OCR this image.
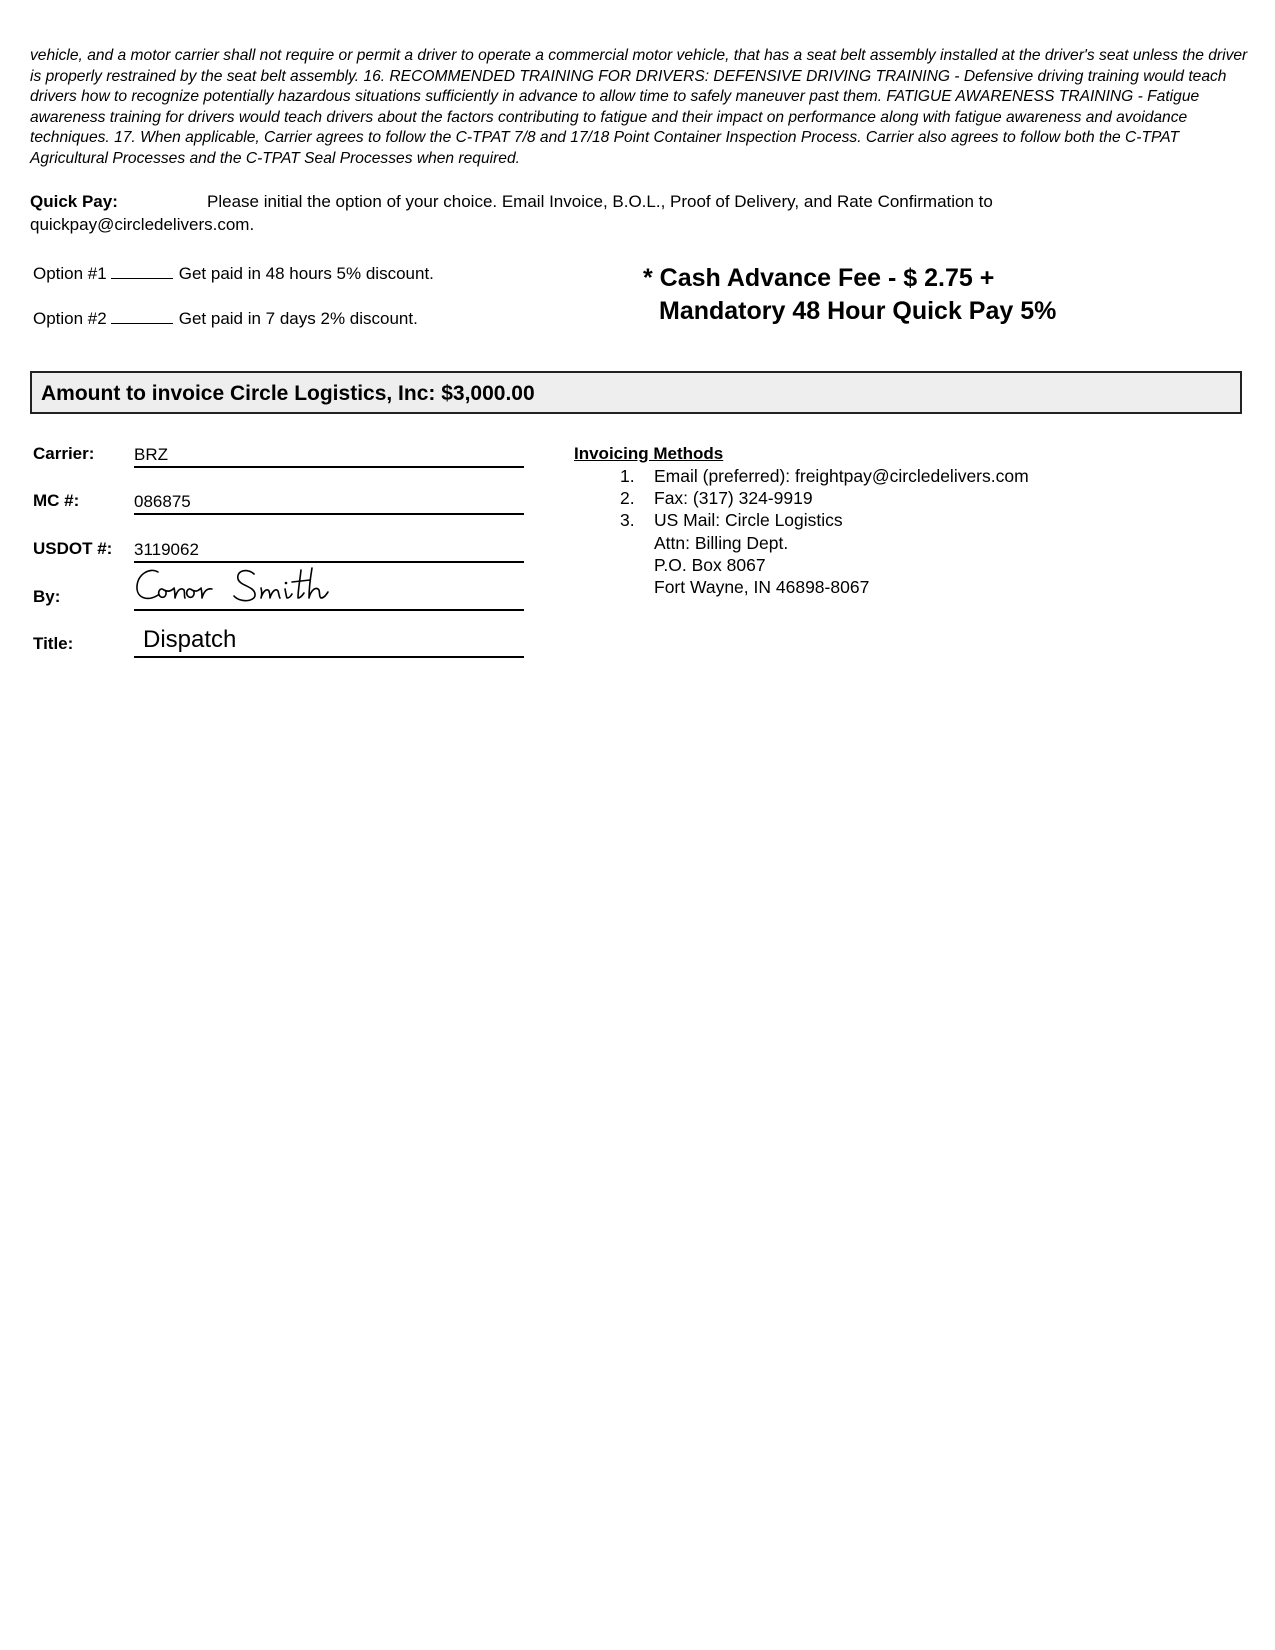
vehicle, and a motor carrier shall not require or permit a driver to operate a commercial motor vehicle, that has a seat belt assembly installed at the driver's seat unless the driver is properly restrained by the seat belt assembly. 16. RECOMMENDED TRAINING FOR DRIVERS: DEFENSIVE DRIVING TRAINING - Defensive driving training would teach drivers how to recognize potentially hazardous situations sufficiently in advance to allow time to safely maneuver past them. FATIGUE AWARENESS TRAINING - Fatigue awareness training for drivers would teach drivers about the factors contributing to fatigue and their impact on performance along with fatigue awareness and avoidance techniques. 17. When applicable, Carrier agrees to follow the C-TPAT 7/8 and 17/18 Point Container Inspection Process. Carrier also agrees to follow both the C-TPAT Agricultural Processes and the C-TPAT Seal Processes when required.

Quick Pay:	Please initial the option of your choice. Email Invoice, B.O.L., Proof of Delivery, and Rate Confirmation to
quickpay@circledelivers.com.
Option #1	Get paid in 48 hours 5% discount.
Option #2	Get paid in 7 days 2% discount.
* Cash Advance Fee - $ 2.75 +
Mandatory 48 Hour Quick Pay 5%
Amount to invoice Circle Logistics, Inc: $3,000.00
Carrier: BRZ
MC #:	086875
USDOT #: 3119062
By:
Title:	Dispatch
Invoicing Methods
1. Email (preferred): freightpay@circledelivers.com
2. Fax: (317) 324-9919
3. US Mail: Circle Logistics
Attn: Billing Dept.
P.O. Box 8067
Fort Wayne, IN 46898-8067
